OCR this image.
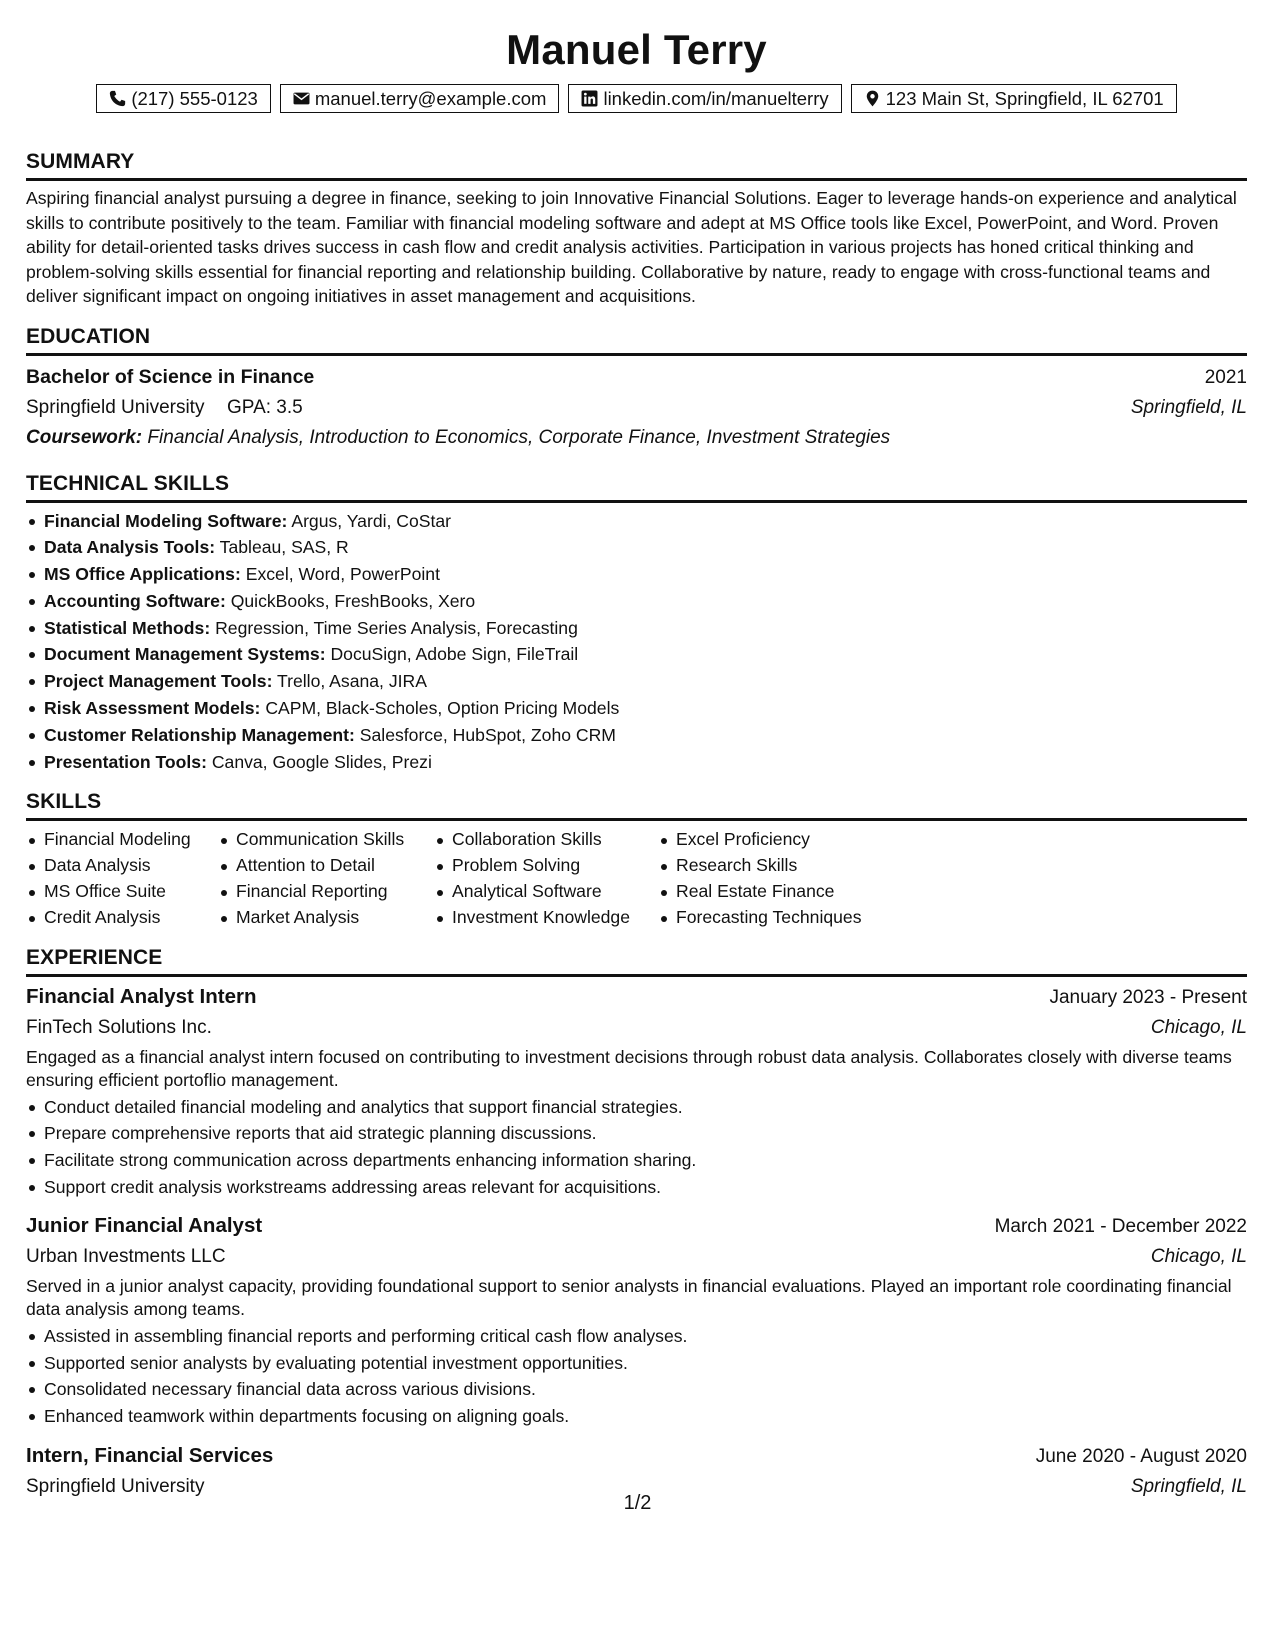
Manuel Terry
(217) 555-0123	manuel.terry@example.com	linkedin.com/in/manuelterry	123 Main St, Springfield, IL 62701
SUMMARY
Aspiring financial analyst pursuing a degree in finance, seeking to join Innovative Financial Solutions. Eager to leverage hands-on experience and analytical skills to contribute positively to the team. Familiar with financial modeling software and adept at MS Office tools like Excel, PowerPoint, and Word. Proven ability for detail-oriented tasks drives success in cash flow and credit analysis activities. Participation in various projects has honed critical thinking and problem-solving skills essential for financial reporting and relationship building. Collaborative by nature, ready to engage with cross-functional teams and deliver significant impact on ongoing initiatives in asset management and acquisitions.
EDUCATION
Bachelor of Science in Finance	2021
Springfield University GPA: 3.5	Springfield, IL
Coursework: Financial Analysis, Introduction to Economics, Corporate Finance, Investment Strategies
TECHNICAL SKILLS
Financial Modeling Software: Argus, Yardi, CoStar
Data Analysis Tools: Tableau, SAS, R
MS Office Applications: Excel, Word, PowerPoint
Accounting Software: QuickBooks, FreshBooks, Xero
Statistical Methods: Regression, Time Series Analysis, Forecasting
Document Management Systems: DocuSign, Adobe Sign, FileTrail
Project Management Tools: Trello, Asana, JIRA
Risk Assessment Models: CAPM, Black-Scholes, Option Pricing Models
Customer Relationship Management: Salesforce, HubSpot, Zoho CRM
Presentation Tools: Canva, Google Slides, Prezi
SKILLS
Financial Modeling
Data Analysis
MS Office Suite
Credit Analysis
Communication Skills
Attention to Detail
Financial Reporting
Market Analysis
Collaboration Skills
Problem Solving
Analytical Software
Investment Knowledge
Excel Proficiency
Research Skills
Real Estate Finance
Forecasting Techniques
EXPERIENCE
Financial Analyst Intern	January 2023 - Present
FinTech Solutions Inc.	Chicago, IL
Engaged as a financial analyst intern focused on contributing to investment decisions through robust data analysis. Collaborates closely with diverse teams ensuring efficient portoflio management.
Conduct detailed financial modeling and analytics that support financial strategies.
Prepare comprehensive reports that aid strategic planning discussions.
Facilitate strong communication across departments enhancing information sharing.
Support credit analysis workstreams addressing areas relevant for acquisitions.
Junior Financial Analyst	March 2021 - December 2022
Urban Investments LLC	Chicago, IL
Served in a junior analyst capacity, providing foundational support to senior analysts in financial evaluations. Played an important role coordinating financial data analysis among teams.
Assisted in assembling financial reports and performing critical cash flow analyses.
Supported senior analysts by evaluating potential investment opportunities.
Consolidated necessary financial data across various divisions.
Enhanced teamwork within departments focusing on aligning goals.
Intern, Financial Services	June 2020 - August 2020
Springfield University	Springfield, IL
1/2
